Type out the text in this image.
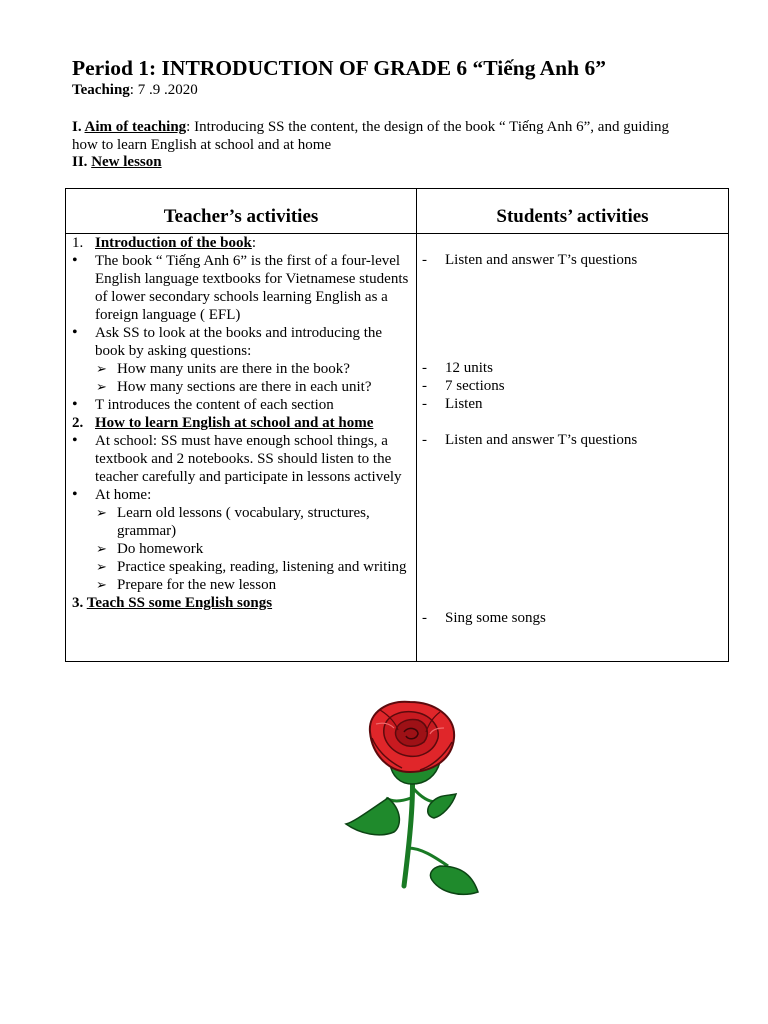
Period 1: INTRODUCTION OF GRADE 6 “Tiếng Anh 6”
Teaching: 7 .9 .2020
I. Aim of teaching: Introducing SS the content, the design of the book “ Tiếng Anh 6”, and guiding how to learn English at school and at home
II. New lesson
Teacher’s activities	Students’ activities
1. Introduction of the book:
• The book “ Tiếng Anh 6” is the first of a four-level English language textbooks for Vietnamese students of lower secondary schools learning English as a foreign language ( EFL)
• Ask SS to look at the books and introducing the book by asking questions:
➢ How many units are there in the book?
➢ How many sections are there in each unit?
• T introduces the content of each section
2. How to learn English at school and at home
• At school: SS must have enough school things, a textbook and 2 notebooks. SS should listen to the teacher carefully and participate in lessons actively
• At home:
➢ Learn old lessons ( vocabulary, structures, grammar)
➢ Do homework
➢ Practice speaking, reading, listening and writing
➢ Prepare for the new lesson
3. Teach SS some English songs
- Listen and answer T’s questions
- 12 units
- 7 sections
- Listen
- Listen and answer T’s questions
- Sing some songs
